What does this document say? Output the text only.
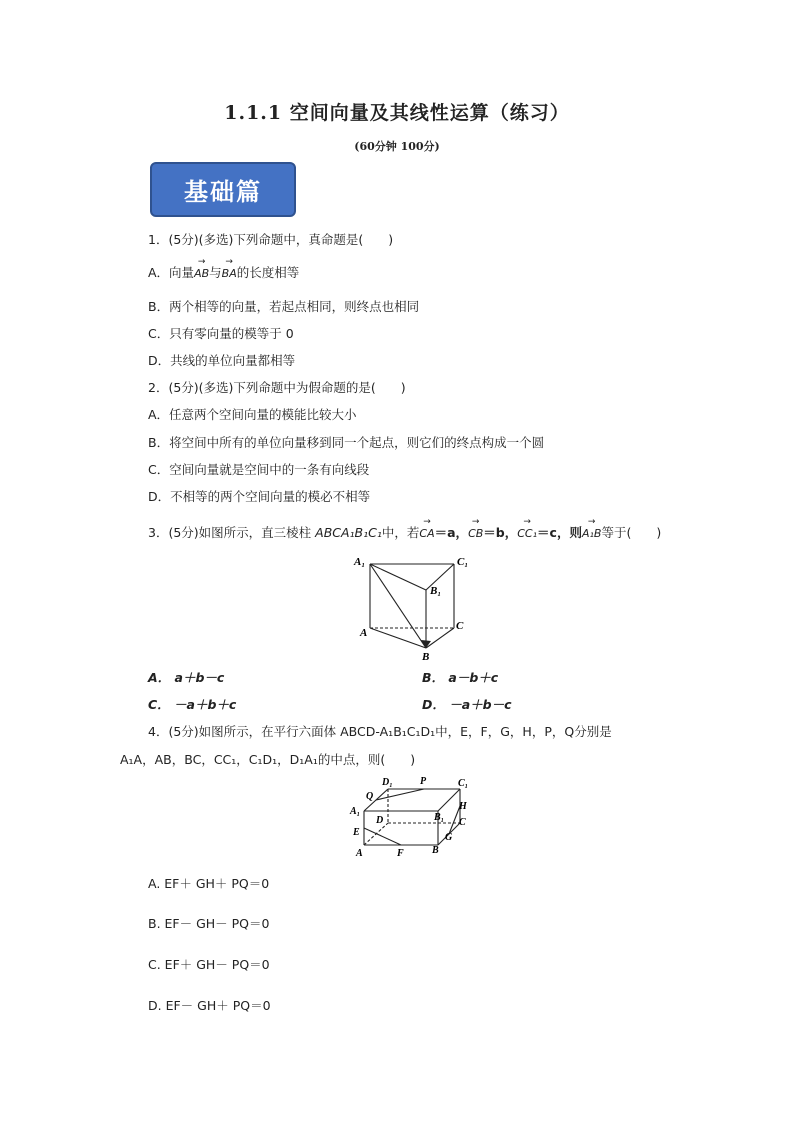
1.1.1 空间向量及其线性运算（练习）
(60分钟 100分)
基础篇
1．(5分)(多选)下列命题中，真命题是(　　)
A．向量→ AB与→ BA的长度相等
B．两个相等的向量，若起点相同，则终点也相同
C．只有零向量的模等于 0
D．共线的单位向量都相等
2．(5分)(多选)下列命题中为假命题的是(　　)
A．任意两个空间向量的模能比较大小
B．将空间中所有的单位向量移到同一个起点，则它们的终点构成一个圆
C．空间向量就是空间中的一条有向线段
D．不相等的两个空间向量的模必不相等
3．(5分)如图所示，直三棱柱 ABCA₁B₁C₁中，若→ CA＝a，→ CB＝b，→ CC₁＝c，则→ A₁B等于(　　)
A₁	C₁
B₁
A
C
B
A． a＋b－c	B． a－b＋c
C． －a＋b＋c	D． －a＋b－c
4．(5分)如图所示，在平行六面体 ABCD-A₁B₁C₁D₁中，E，F，G，H，P，Q分别是
A₁A，AB，BC，CC₁，C₁D₁，D₁A₁的中点，则(　　)
D₁	P	C₁
Q
A₁
B₁
H
D	C
E	G
A	F	B
A. EF＋ GH＋ PQ＝0
B. EF－ GH－ PQ＝0
C. EF＋ GH－ PQ＝0
D. EF－ GH＋ PQ＝0
